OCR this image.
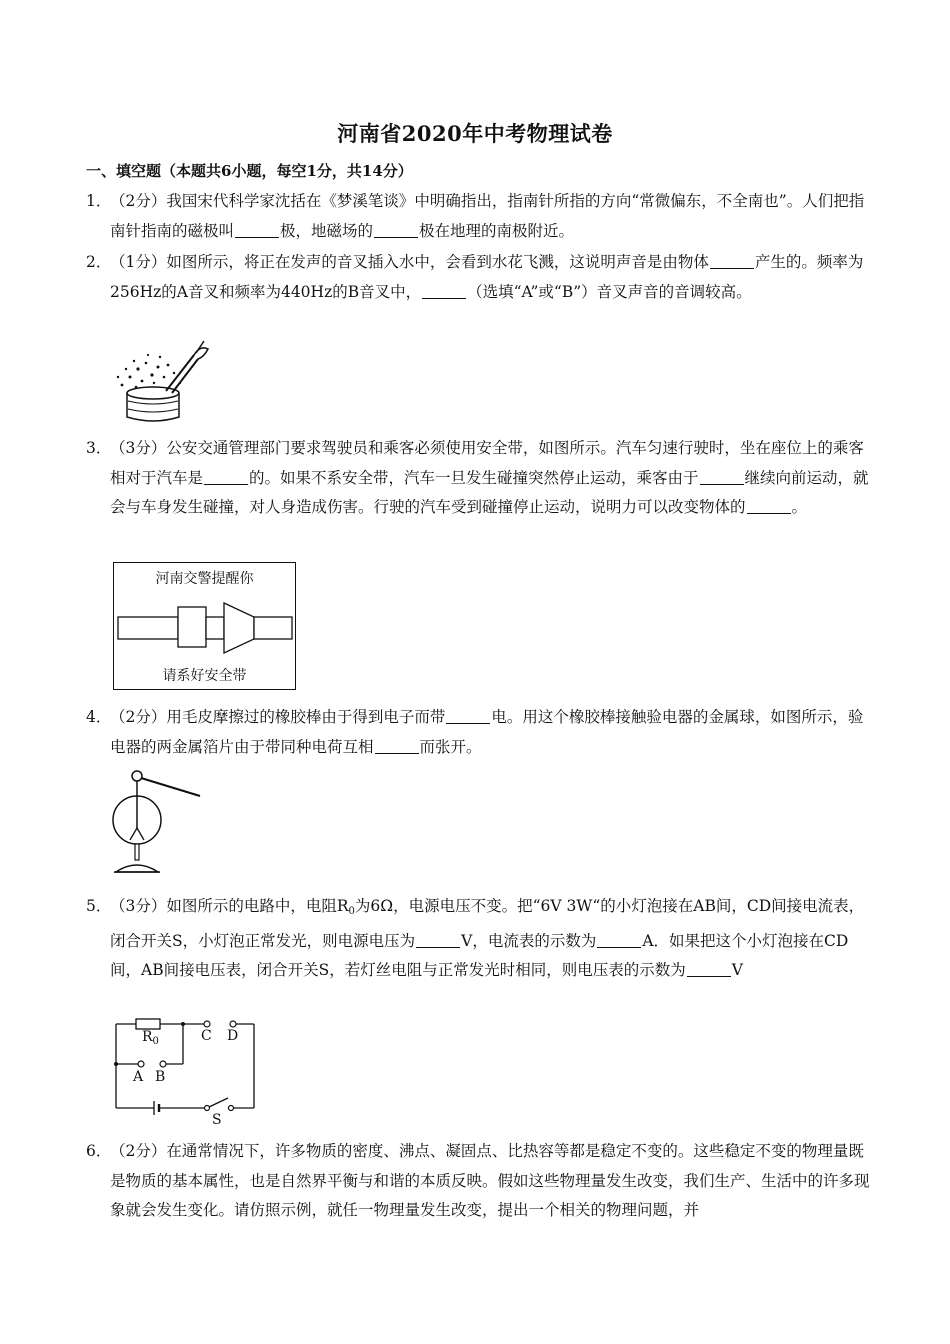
河南省2020年中考物理试卷
一、填空题（本题共6小题，每空1分，共14分）
1．
（2分）我国宋代科学家沈括在《梦溪笔谈》中明确指出，指南针所指的方向“常微偏东，不全南也”。人们把指南针指南的磁极叫	极，地磁场的	极在地理的南极附近。
2．
（1分）如图所示，将正在发声的音叉插入水中，会看到水花飞溅，这说明声音是由物体	产生的。频率为256Hz的A音叉和频率为440Hz的B音叉中，	（选填“A”或“B”）音叉声音的音调较高。
3．
（3分）公安交通管理部门要求驾驶员和乘客必须使用安全带，如图所示。汽车匀速行驶时，坐在座位上的乘客相对于汽车是	的。如果不系安全带，汽车一旦发生碰撞突然停止运动，乘客由于	继续向前运动，就会与车身发生碰撞，对人身造成伤害。行驶的汽车受到碰撞停止运动，说明力可以改变物体的	。
河南交警提醒你
请系好安全带
4．
（2分）用毛皮摩擦过的橡胶棒由于得到电子而带	电。用这个橡胶棒接触验电器的金属球，如图所示，验电器的两金属箔片由于带同种电荷互相	而张开。
5．
（3分）如图所示的电路中，电阻$R_0$为6Ω，电源电压不变。把“6V 3W“的小灯泡接在AB间，CD间接电流表，闭合开关S，小灯泡正常发光，则电源电压为	V，电流表的示数为	A．如果把这个小灯泡接在CD间，AB间接电压表，闭合开关S，若灯丝电阻与正常发光时相同，则电压表的示数为	V
$R_0$	C D
A B
S
6．
（2分）在通常情况下，许多物质的密度、沸点、凝固点、比热容等都是稳定不变的。这些稳定不变的物理量既是物质的基本属性，也是自然界平衡与和谐的本质反映。假如这些物理量发生改变，我们生产、生活中的许多现象就会发生变化。请仿照示例，就任一物理量发生改变，提出一个相关的物理问题，并
